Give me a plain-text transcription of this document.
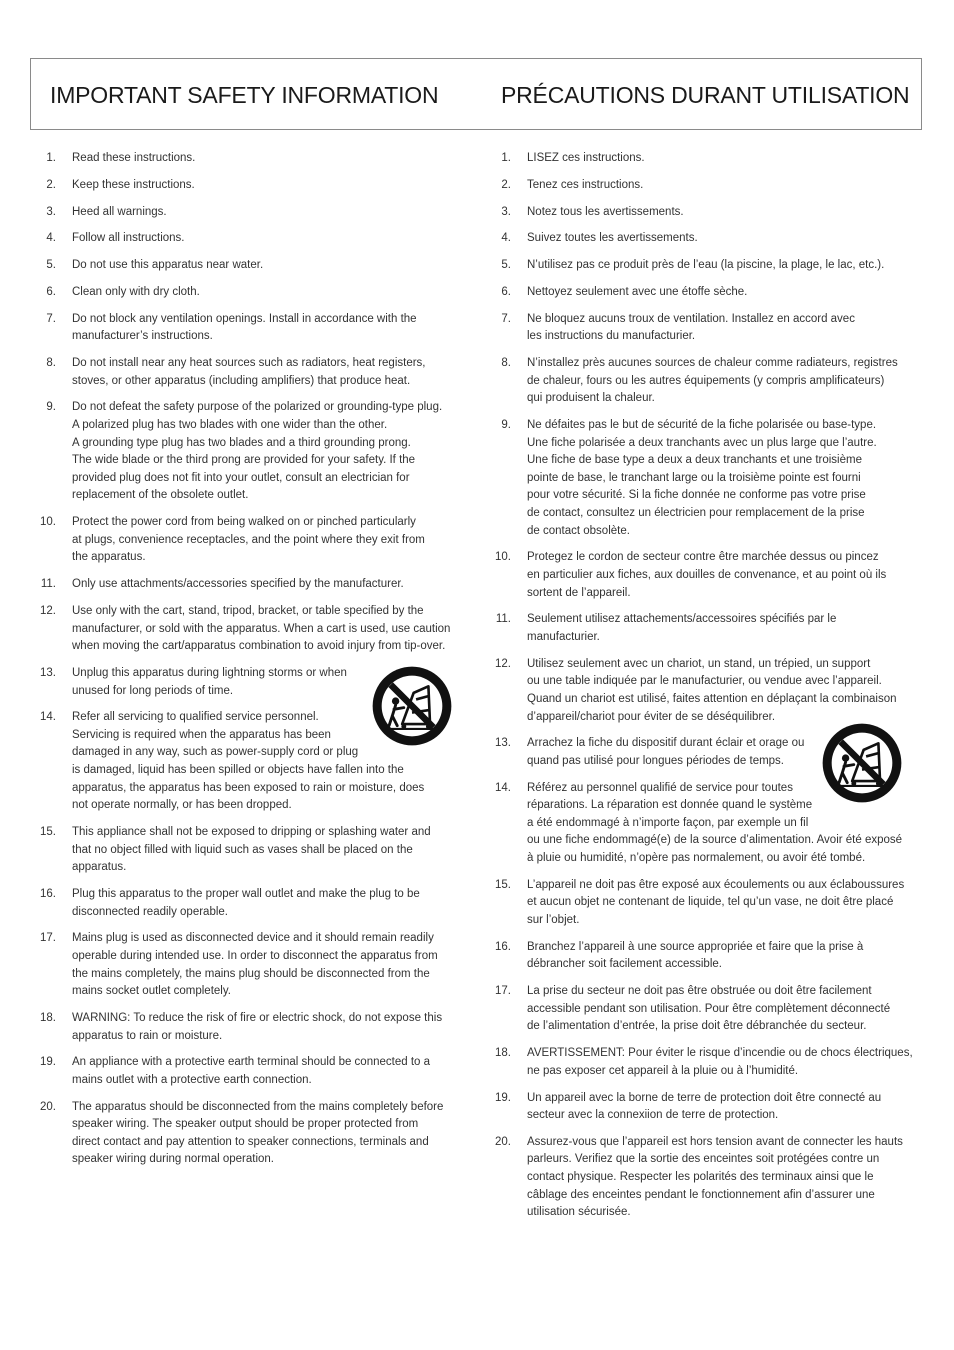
IMPORTANT SAFETY INFORMATION	PRÉCAUTIONS DURANT UTILISATION
1. Read these instructions.
2. Keep these instructions.
3. Heed all warnings.
4. Follow all instructions.
5. Do not use this apparatus near water.
6. Clean only with dry cloth.
7. Do not block any ventilation openings. Install in accordance with the
manufacturer’s instructions.
8. Do not install near any heat sources such as radiators, heat registers,
stoves, or other apparatus (including amplifiers) that produce heat.
9. Do not defeat the safety purpose of the polarized or grounding-type plug.
A polarized plug has two blades with one wider than the other.
A grounding type plug has two blades and a third grounding prong.
The wide blade or the third prong are provided for your safety. If the
provided plug does not fit into your outlet, consult an electrician for
replacement of the obsolete outlet.
10. Protect the power cord from being walked on or pinched particularly
at plugs, convenience receptacles, and the point where they exit from
the apparatus.
11. Only use attachments/accessories specified by the manufacturer.
12. Use only with the cart, stand, tripod, bracket, or table specified by the
manufacturer, or sold with the apparatus. When a cart is used, use caution
when moving the cart/apparatus combination to avoid injury from tip-over.
13. Unplug this apparatus during lightning storms or when
unused for long periods of time.
14. Refer all servicing to qualified service personnel.
Servicing is required when the apparatus has been
damaged in any way, such as power-supply cord or plug
is damaged, liquid has been spilled or objects have fallen into the
apparatus, the apparatus has been exposed to rain or moisture, does
not operate normally, or has been dropped.
15. This appliance shall not be exposed to dripping or splashing water and
that no object filled with liquid such as vases shall be placed on the
apparatus.
16. Plug this apparatus to the proper wall outlet and make the plug to be
disconnected readily operable.
17. Mains plug is used as disconnected device and it should remain readily
operable during intended use. In order to disconnect the apparatus from
the mains completely, the mains plug should be disconnected from the
mains socket outlet completely.
18. WARNING: To reduce the risk of fire or electric shock, do not expose this
apparatus to rain or moisture.
19. An appliance with a protective earth terminal should be connected to a
mains outlet with a protective earth connection.
20. The apparatus should be disconnected from the mains completely before
speaker wiring. The speaker output should be proper protected from
direct contact and pay attention to speaker connections, terminals and
speaker wiring during normal operation.
1. LISEZ ces instructions.
2. Tenez ces instructions.
3. Notez tous les avertissements.
4. Suivez toutes les avertissements.
5. N’utilisez pas ce produit près de l’eau (la piscine, la plage, le lac, etc.).
6. Nettoyez seulement avec une étoffe sèche.
7. Ne bloquez aucuns troux de ventilation. Installez en accord avec
les instructions du manufacturier.
8. N’installez près aucunes sources de chaleur comme radiateurs, registres
de chaleur, fours ou les autres équipements (y compris amplificateurs)
qui produisent la chaleur.
9. Ne défaites pas le but de sécurité de la fiche polarisée ou base-type.
Une fiche polarisée a deux tranchants avec un plus large que l’autre.
Une fiche de base type a deux a deux tranchants et une troisième
pointe de base, le tranchant large ou la troisième pointe est fourni
pour votre sécurité. Si la fiche donnée ne conforme pas votre prise
de contact, consultez un électricien pour remplacement de la prise
de contact obsolète.
10. Protegez le cordon de secteur contre être marchée dessus ou pincez
en particulier aux fiches, aux douilles de convenance, et au point où ils
sortent de l’appareil.
11. Seulement utilisez attachements/accessoires spécifiés par le
manufacturier.
12. Utilisez seulement avec un chariot, un stand, un trépied, un support
ou une table indiquée par le manufacturier, ou vendue avec l’appareil.
Quand un chariot est utilisé, faites attention en déplaçant la combinaison
d’appareil/chariot pour éviter de se déséquilibrer.
13. Arrachez la fiche du dispositif durant éclair et orage ou
quand pas utilisé pour longues périodes de temps.
14. Référez au personnel qualifié de service pour toutes
réparations. La réparation est donnée quand le système
a été endommagé à n’importe façon, par exemple un fil
ou une fiche endommagé(e) de la source d’alimentation. Avoir été exposé
à pluie ou humidité, n’opère pas normalement, ou avoir été tombé.
15. L’appareil ne doit pas être exposé aux écoulements ou aux éclaboussures
et aucun objet ne contenant de liquide, tel qu’un vase, ne doit être placé
sur l’objet.
16. Branchez l’appareil à une source appropriée et faire que la prise à
débrancher soit facilement accessible.
17. La prise du secteur ne doit pas être obstruée ou doit être facilement
accessible pendant son utilisation. Pour être complètement déconnecté
de l’alimentation d’entrée, la prise doit être débranchée du secteur.
18. AVERTISSEMENT: Pour éviter le risque d’incendie ou de chocs électriques,
ne pas exposer cet appareil à la pluie ou à l’humidité.
19. Un appareil avec la borne de terre de protection doit être connecté au
secteur avec la connexiion de terre de protection.
20. Assurez-vous que l’appareil est hors tension avant de connecter les hauts
parleurs. Verifiez que la sortie des enceintes soit protégées contre un
contact physique. Respecter les polarités des terminaux ainsi que le
câblage des enceintes pendant le fonctionnement afin d’assurer une
utilisation sécurisée.
